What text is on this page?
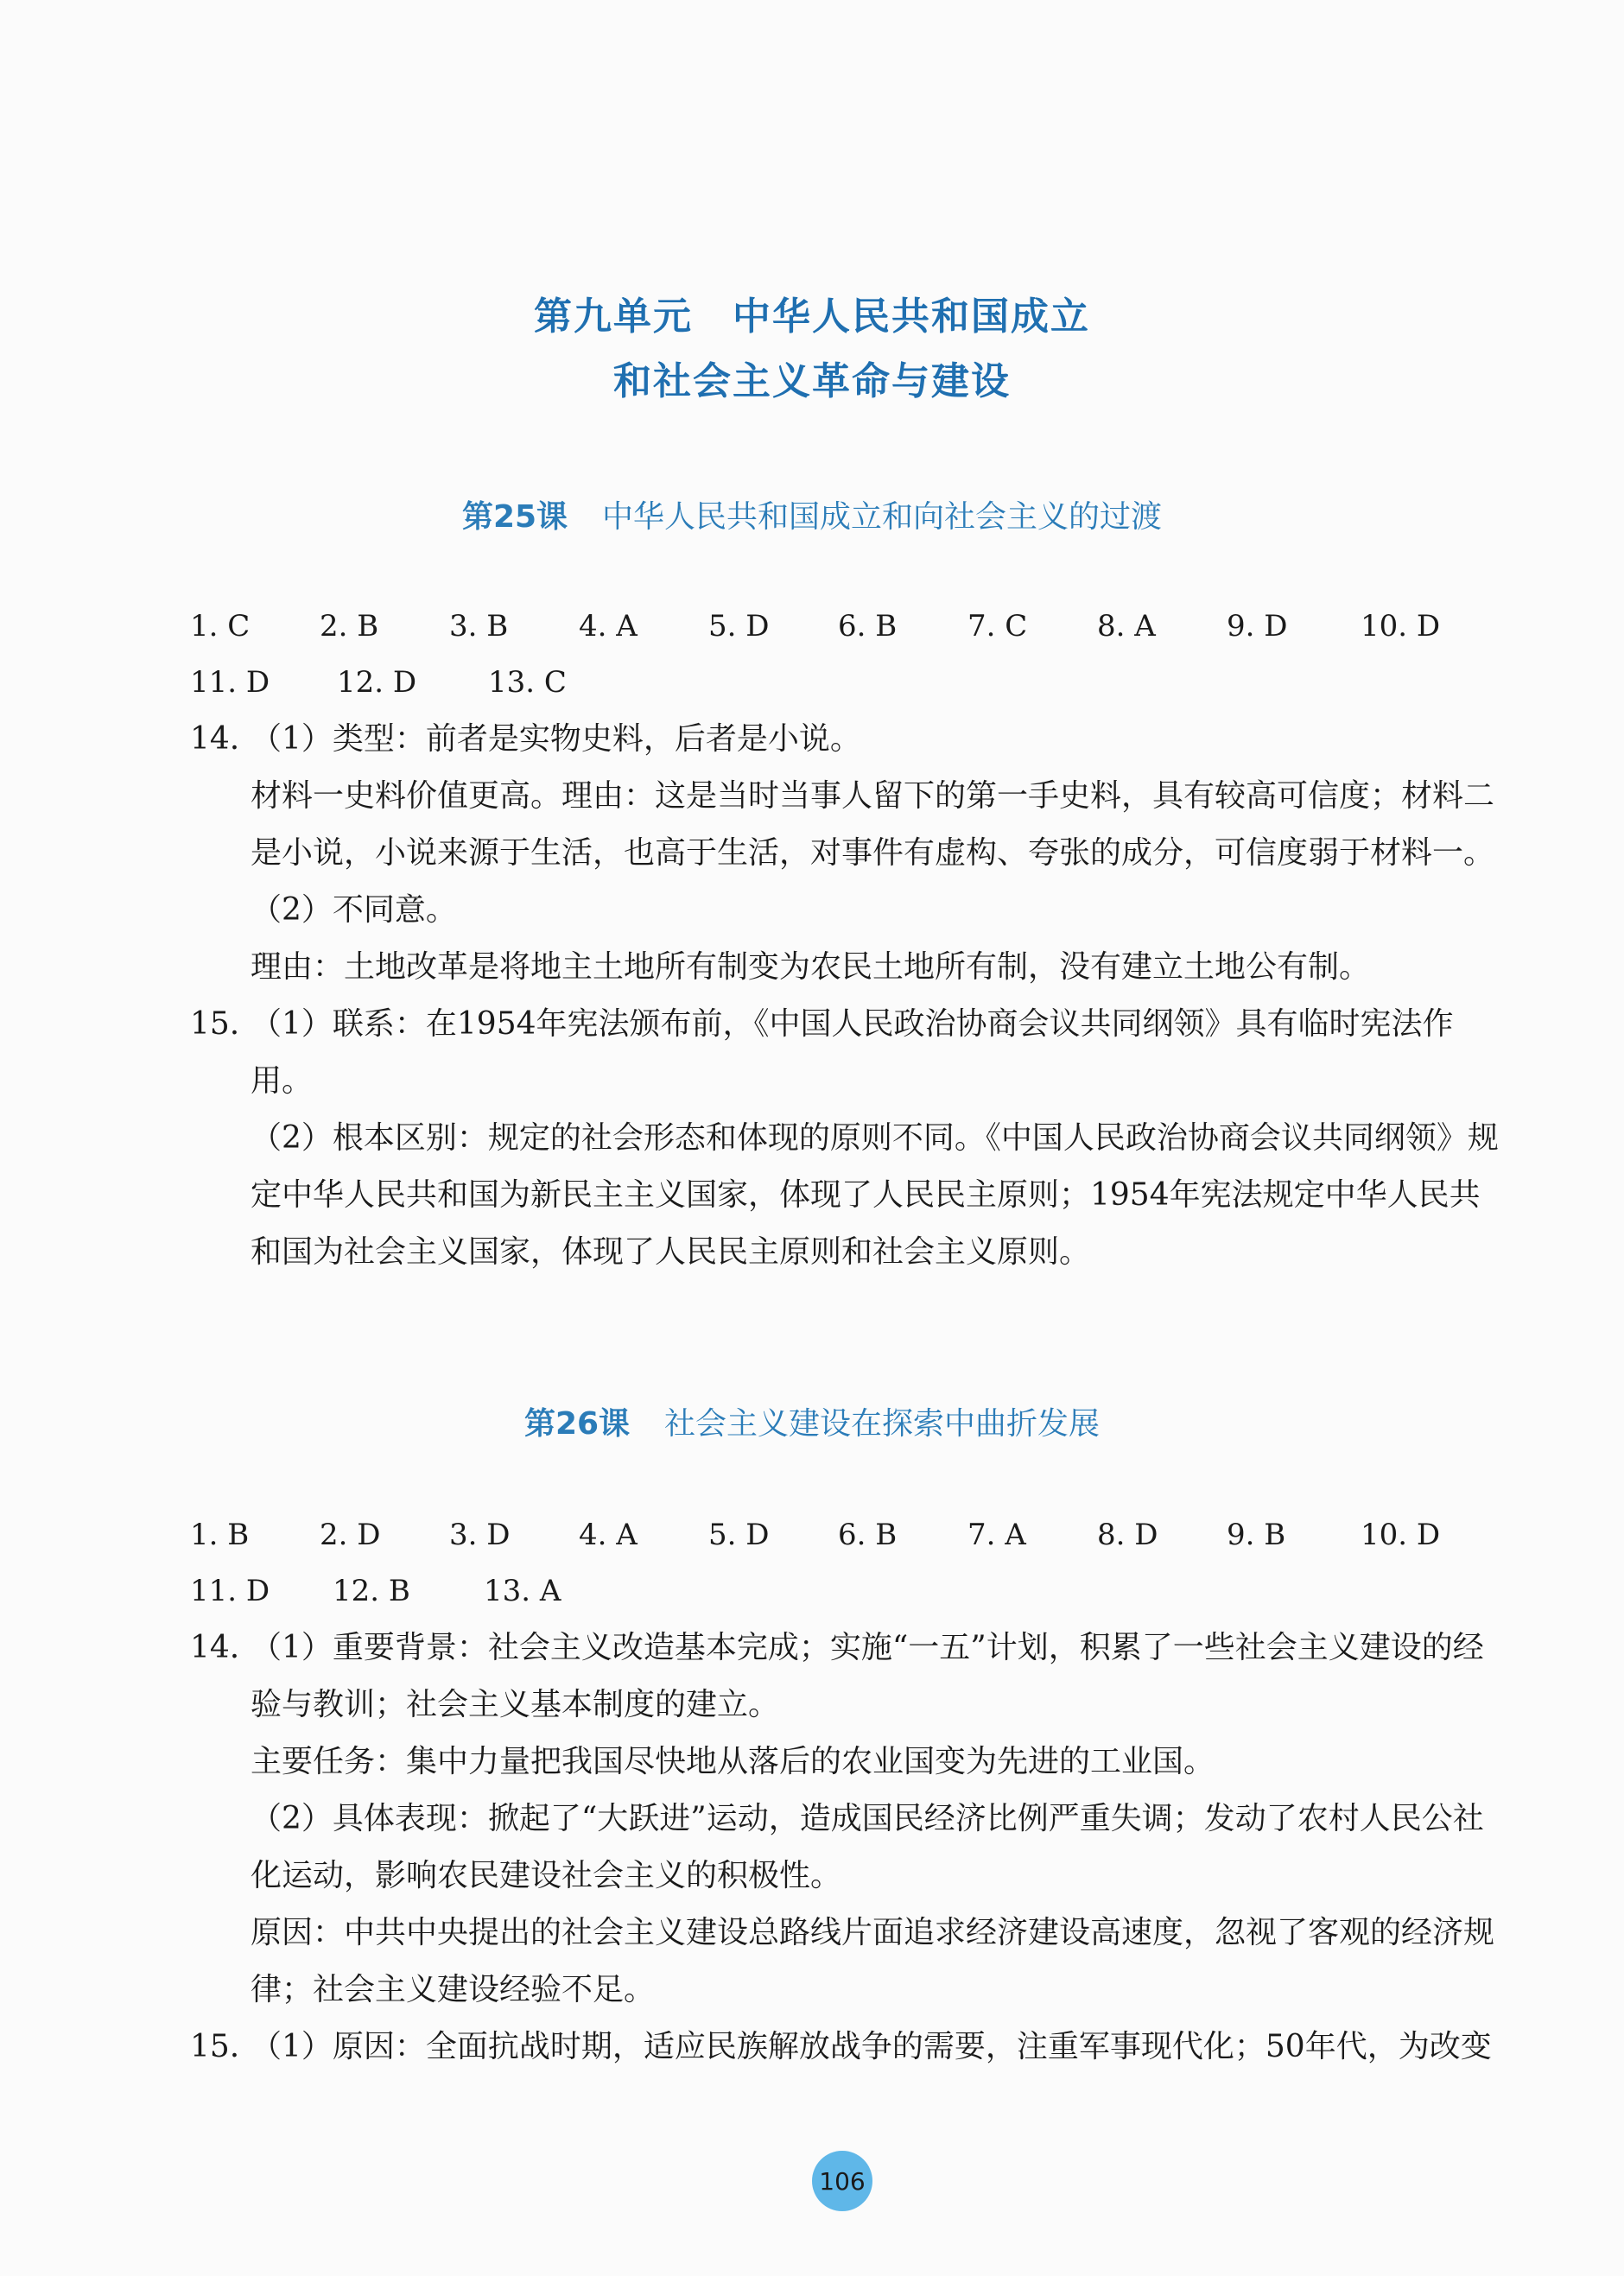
第九单元　中华人民共和国成立
和社会主义革命与建设
第25课 中华人民共和国成立和向社会主义的过渡
1. C 2. B 3. B 4. A 5. D 6. B 7. C 8. A 9. D 10. D
11. D 12. D 13. C

14. （1）类型：前者是实物史料，后者是小说。

材料一史料价值更高。理由：这是当时当事人留下的第一手史料，具有较高可信度；材料二是小说，小说来源于生活，也高于生活，对事件有虚构、夸张的成分，可信度弱于材料一。

（2）不同意。

理由：土地改革是将地主土地所有制变为农民土地所有制，没有建立土地公有制。

15. （1）联系：在1954年宪法颁布前，《中国人民政治协商会议共同纲领》具有临时宪法作用。

（2）根本区别：规定的社会形态和体现的原则不同。《中国人民政治协商会议共同纲领》规定中华人民共和国为新民主主义国家，体现了人民民主原则；1954年宪法规定中华人民共和国为社会主义国家，体现了人民民主原则和社会主义原则。

第26课 社会主义建设在探索中曲折发展
1. B 2. D 3. D 4. A 5. D 6. B 7. A 8. D 9. B	10. D
11. D 12. B	13. A

14. （1）重要背景：社会主义改造基本完成；实施“一五”计划，积累了一些社会主义建设的经验与教训；社会主义基本制度的建立。

主要任务：集中力量把我国尽快地从落后的农业国变为先进的工业国。

（2）具体表现：掀起了“大跃进”运动，造成国民经济比例严重失调；发动了农村人民公社化运动，影响农民建设社会主义的积极性。

原因：中共中央提出的社会主义建设总路线片面追求经济建设高速度，忽视了客观的经济规律；社会主义建设经验不足。

15. （1）原因：全面抗战时期，适应民族解放战争的需要，注重军事现代化；50年代，为改变

106
